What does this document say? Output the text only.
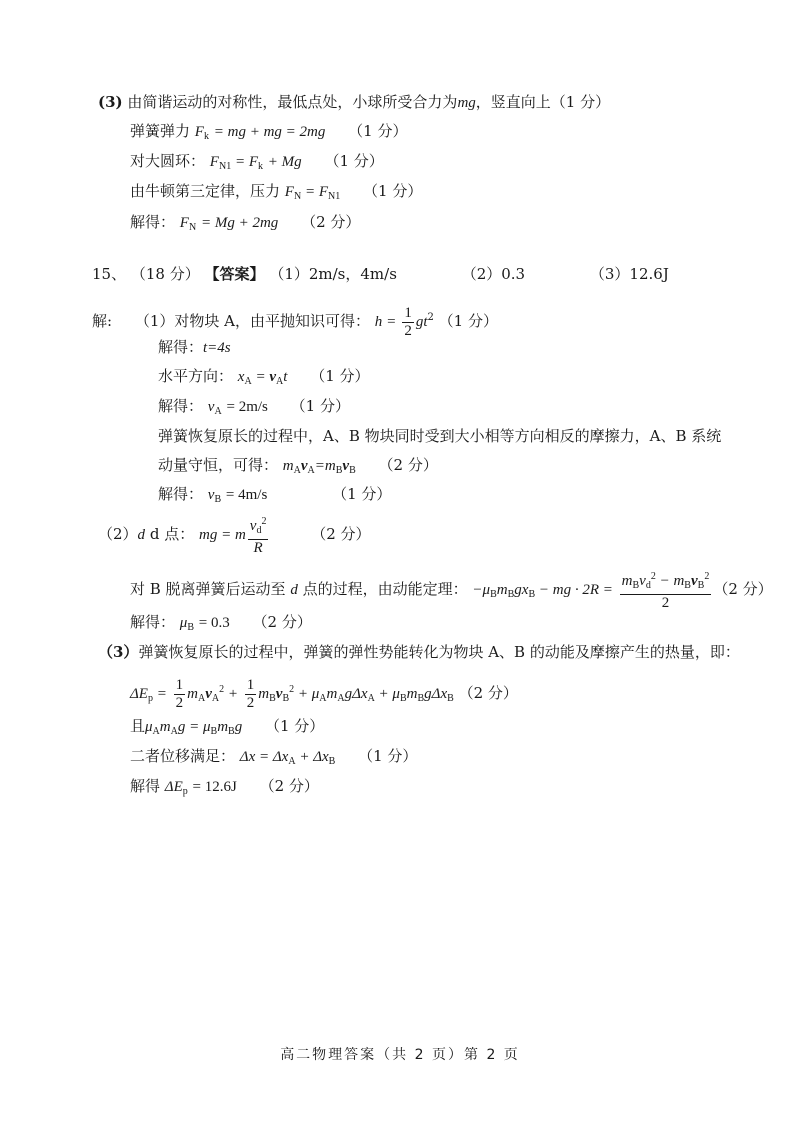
(3) 由简谐运动的对称性，最低点处，小球所受合力为mg，竖直向上（1 分）
弹簧弹力 $F_k$ = mg + mg = 2mg （1 分）
对大圆环： $F_{N1} = F_k + Mg$ （1 分）
由牛顿第三定律，压力 $F_N = F_{N1}$ （1 分）
解得： $F_N = Mg + 2mg$ （2 分）
15、 （18 分） 【答案】 （1）2m/s，4m/s	（2）0.3	（3）12.6J
解: （1）对物块 A，由平抛知识可得： $h = \frac{1}{2} gt^2$ （1 分）
解得：t=4s
水平方向： $x_A = v_At$ （1 分）
解得： $v_A = 2m/s$ （1 分）
弹簧恢复原长的过程中，A、B 物块同时受到大小相等方向相反的摩擦力，A、B 系统
动量守恒，可得： $m_Av_A=m_Bv_B$ （2 分）
解得： $v_B = 4m/s$	（1 分）
（2）d d 点： mg = m $\frac{v_d^2}{R}$	（2 分）
对 B 脱离弹簧后运动至 d 点的过程，由动能定理： $-\mu_Bm_Bgx_B$ − mg · $2R = \frac{m_Bv_d^2 - m_Bv_B^2}{2} (2$ 分）
解得： $\mu_B = 0.3$ （2 分）
（3）弹簧恢复原长的过程中，弹簧的弹性势能转化为物块 A、B 的动能及摩擦产生的热量，即：
$\Delta E_p = \frac{1}{2} m_Av_A^2 + \frac{1}{2} m_Bv_B^2 + \mu_Am_Ag\Delta x_A + \mu_Bm_Bg\Delta x_B$ （2 分）
且$\mu_Am_Ag = \mu_Bm_Bg$ （1 分）
二者位移满足： $\Delta x = \Delta x_A + \Delta x_B$ （1 分）
解得 $\Delta E_p = 12.6J$ （2 分）
高二物理答案（共 2 页）第 2 页
